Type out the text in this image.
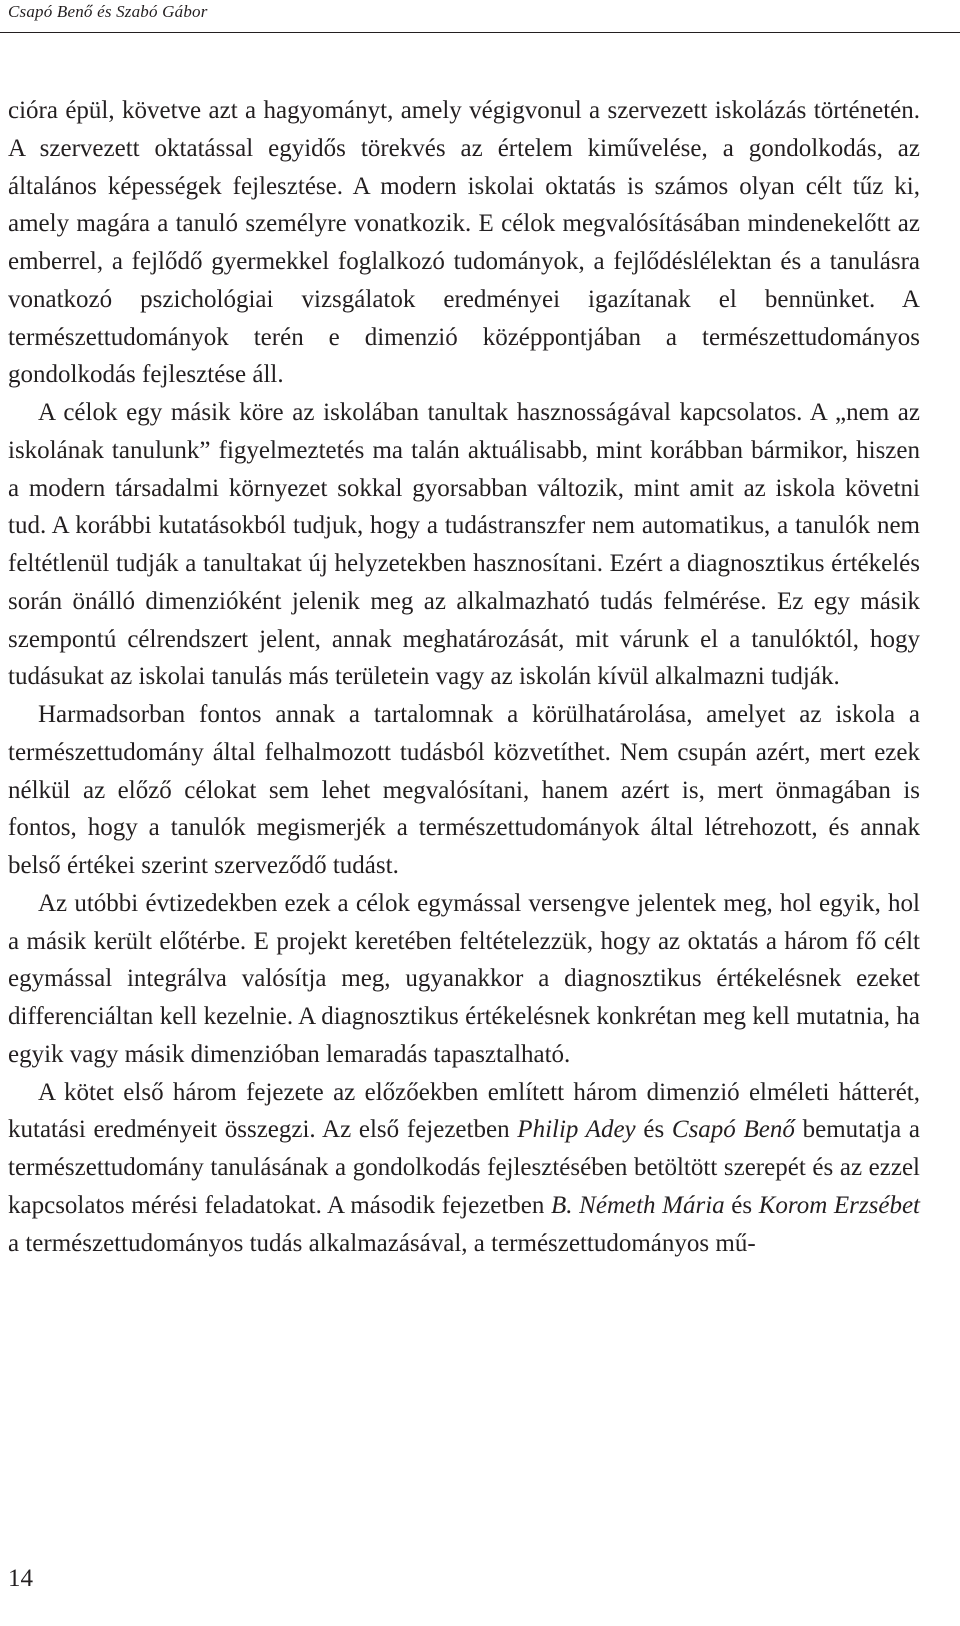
Csapó Benő és Szabó Gábor

cióra épül, követve azt a hagyományt, amely végigvonul a szervezett iskolázás történetén. A szervezett oktatással egyidős törekvés az értelem kiművelése, a gondolkodás, az általános képességek fejlesztése. A modern iskolai oktatás is számos olyan célt tűz ki, amely magára a tanuló személyre vonatkozik. E célok megvalósításában mindenekelőtt az emberrel, a fejlődő gyermekkel foglalkozó tudományok, a fejlődéslélektan és a tanulásra vonatkozó pszichológiai vizsgálatok eredményei igazítanak el bennünket. A természettudományok terén e dimenzió középpontjában a természettudományos gondolkodás fejlesztése áll.

A célok egy másik köre az iskolában tanultak hasznosságával kapcsolatos. A „nem az iskolának tanulunk” figyelmeztetés ma talán aktuálisabb, mint korábban bármikor, hiszen a modern társadalmi környezet sokkal gyorsabban változik, mint amit az iskola követni tud. A korábbi kutatásokból tudjuk, hogy a tudástranszfer nem automatikus, a tanulók nem feltétlenül tudják a tanultakat új helyzetekben hasznosítani. Ezért a diagnosztikus értékelés során önálló dimenzióként jelenik meg az alkalmazható tudás felmérése. Ez egy másik szempontú célrendszert jelent, annak meghatározását, mit várunk el a tanulóktól, hogy tudásukat az iskolai tanulás más területein vagy az iskolán kívül alkalmazni tudják.

Harmadsorban fontos annak a tartalomnak a körülhatárolása, amelyet az iskola a természettudomány által felhalmozott tudásból közvetíthet. Nem csupán azért, mert ezek nélkül az előző célokat sem lehet megvalósítani, hanem azért is, mert önmagában is fontos, hogy a tanulók megismerjék a természettudományok által létrehozott, és annak belső értékei szerint szerveződő tudást.

Az utóbbi évtizedekben ezek a célok egymással versengve jelentek meg, hol egyik, hol a másik került előtérbe. E projekt keretében feltételezzük, hogy az oktatás a három fő célt egymással integrálva valósítja meg, ugyanakkor a diagnosztikus értékelésnek ezeket differenciáltan kell kezelnie. A diagnosztikus értékelésnek konkrétan meg kell mutatnia, ha egyik vagy másik dimenzióban lemaradás tapasztalható.

A kötet első három fejezete az előzőekben említett három dimenzió elméleti hátterét, kutatási eredményeit összegzi. Az első fejezetben Philip Adey és Csapó Benő bemutatja a természettudomány tanulásának a gondolkodás fejlesztésében betöltött szerepét és az ezzel kapcsolatos mérési feladatokat. A második fejezetben B. Németh Mária és Korom Erzsébet a természettudományos tudás alkalmazásával, a természettudományos mű-

14
